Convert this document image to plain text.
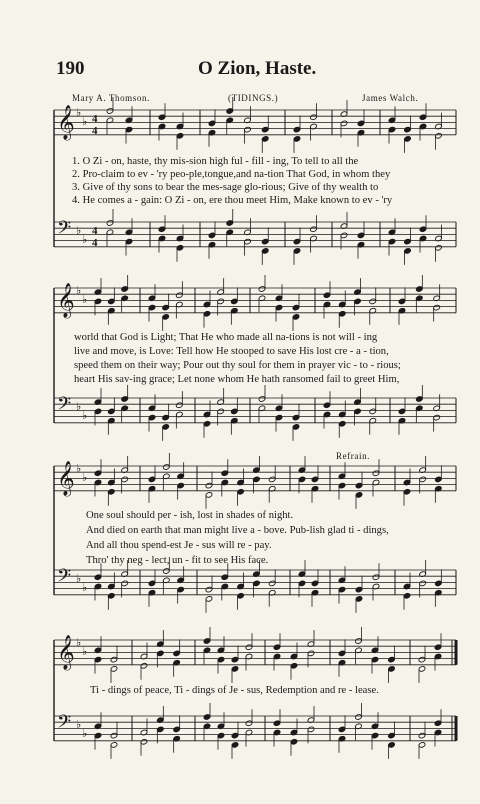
190	O Zion, Haste.
Mary A. Thomson.	(TIDINGS.)	James Walch.
Refrain.
𝄞 ♭
♭ 4
4
𝄢 ♭
♭
4
4
𝄞 ♭
♭
𝄢 ♭
♭
𝄞 ♭
♭
𝄢 ♭
♭
𝄞 ♭
♭
𝄢 ♭
♭
1. O Zi - on, haste, thy mis-sion high ful - fill - ing, To tell to all the
2. Pro-claim to ev - 'ry peo-ple,tongue,and na-tion That God, in whom they
3. Give of thy sons to bear the mes-sage glo-rious; Give of thy wealth to
4. He comes a - gain: O Zi - on, ere thou meet Him, Make known to ev - 'ry
world that God is Light; That He who made all na-tions is not will - ing
live and move, is Love: Tell how He stooped to save His lost cre - a - tion,
speed them on their way; Pour out thy soul for them in prayer vic - to - rious;
heart His sav-ing grace; Let none whom He hath ransomed fail to greet Him,
One soul should per - ish, lost in shades of night.
And died on earth that man might live a - bove. Pub-lish glad ti - dings,
And all thou spend-est Je - sus will re - pay.
Thro' thy neg - lect, un - fit to see His face.
Ti - dings of peace, Ti - dings of Je - sus, Redemption and re - lease.
